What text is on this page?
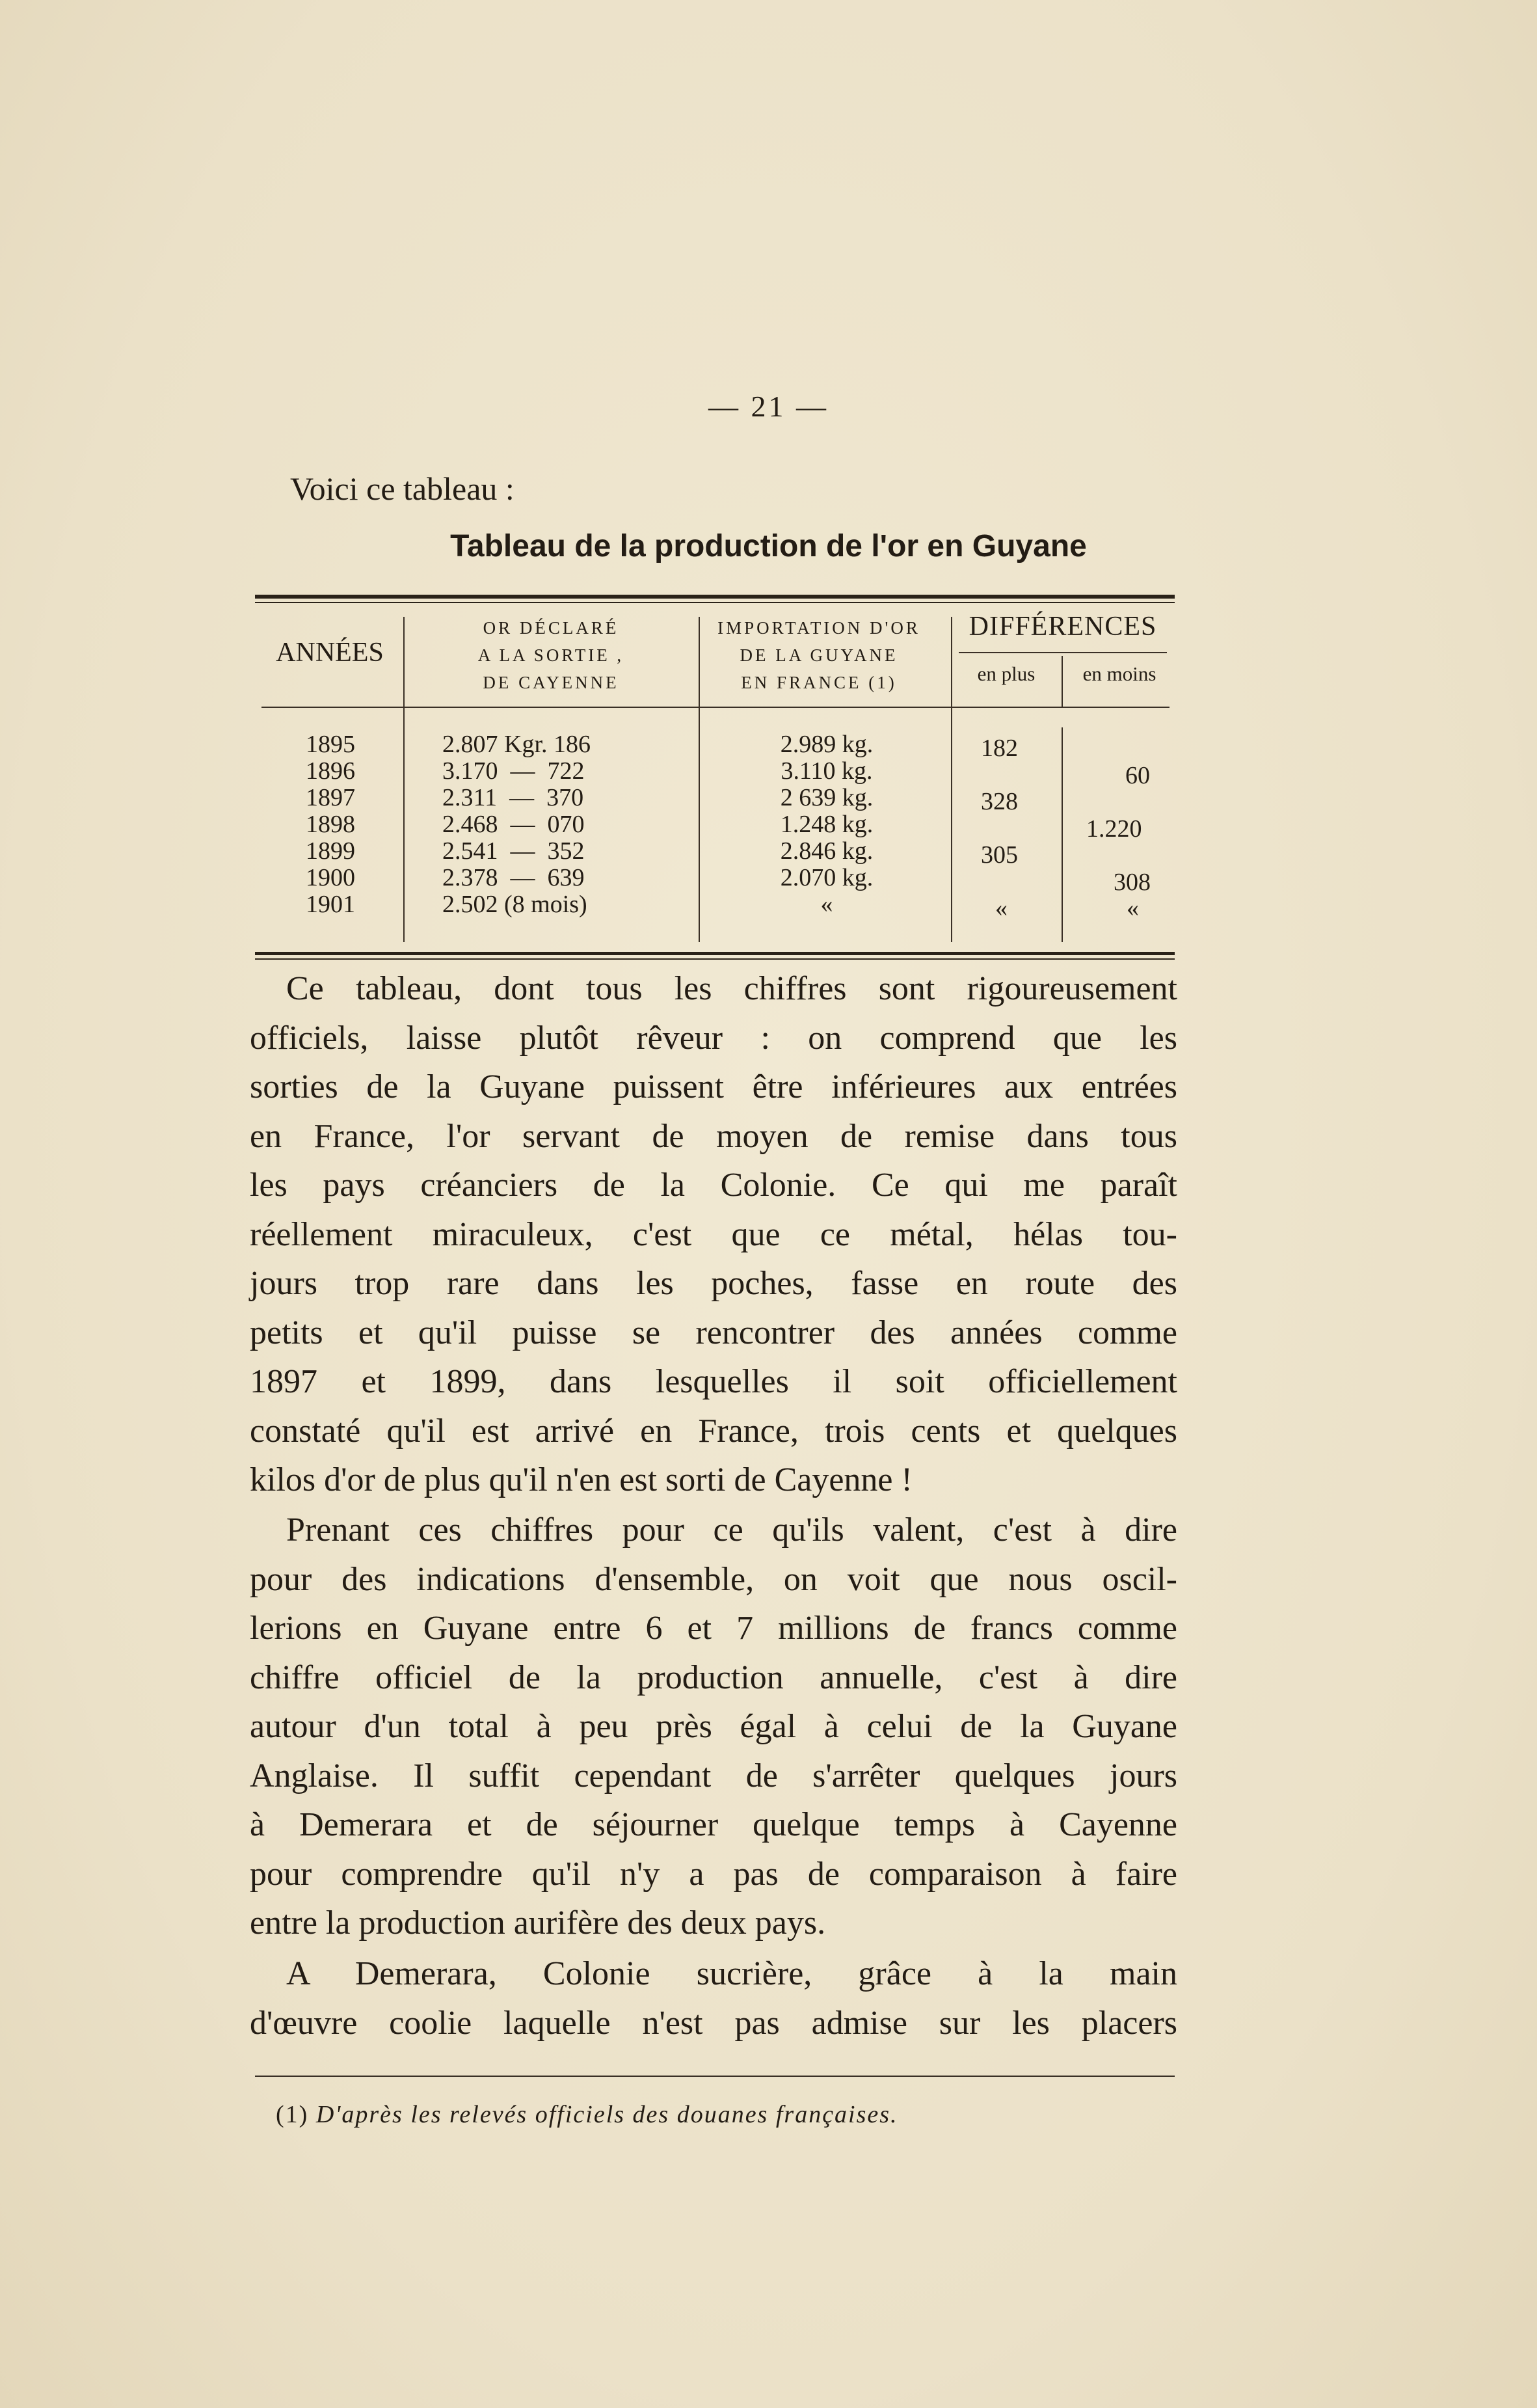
— 21 —
Voici ce tableau :
Tableau de la production de l'or en Guyane
ANNÉES
OR DÉCLARÉ
A LA SORTIE ,
DE CAYENNE
IMPORTATION D'OR
DE LA GUYANE
EN FRANCE (1)
DIFFÉRENCES
en plus	en moins
1895
1896
1897
1898
1899
1900
1901
2.807 Kgr. 186
3.170  —  722
2.311  —  370
2.468  —  070
2.541  —  352
2.378  —  639
2.502 (8 mois)
2.989 kg.
3.110 kg.
2 639 kg.
1.248 kg.
2.846 kg.
2.070 kg.
«
182
60
328
1.220
305
308
«	«
Ce tableau, dont tous les chiffres sont rigoureusement
officiels, laisse plutôt rêveur : on comprend que les
sorties de la Guyane puissent être inférieures aux entrées
en France, l'or servant de moyen de remise dans tous
les pays créanciers de la Colonie. Ce qui me paraît
réellement miraculeux, c'est que ce métal, hélas tou-
jours trop rare dans les poches, fasse en route des
petits et qu'il puisse se rencontrer des années comme
1897 et 1899, dans lesquelles il soit officiellement
constaté qu'il est arrivé en France, trois cents et quelques
kilos d'or de plus qu'il n'en est sorti de Cayenne !
Prenant ces chiffres pour ce qu'ils valent, c'est à dire
pour des indications d'ensemble, on voit que nous oscil-
lerions en Guyane entre 6 et 7 millions de francs comme
chiffre officiel de la production annuelle, c'est à dire
autour d'un total à peu près égal à celui de la Guyane
Anglaise. Il suffit cependant de s'arrêter quelques jours
à Demerara et de séjourner quelque temps à Cayenne
pour comprendre qu'il n'y a pas de comparaison à faire
entre la production aurifère des deux pays.
A Demerara, Colonie sucrière, grâce à la main
d'œuvre coolie laquelle n'est pas admise sur les placers
(1) D'après les relevés officiels des douanes françaises.
